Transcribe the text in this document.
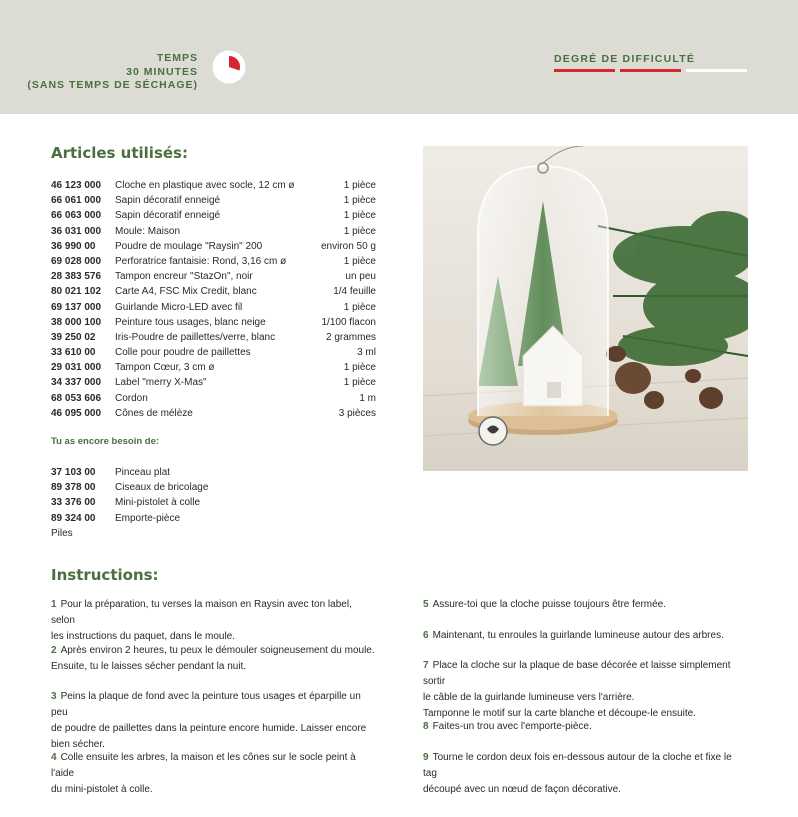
TEMPS
30 MINUTES
(SANS TEMPS DE SÉCHAGE)
DEGRÉ DE DIFFICULTÉ
Articles utilisés:
46 123 000 Cloche en plastique avec socle, 12 cm ø	1 pièce
66 061 000 Sapin décoratif enneigé	1 pièce
66 063 000 Sapin décoratif enneigé	1 pièce
36 031 000 Moule: Maison	1 pièce
36 990 00 Poudre de moulage "Raysin" 200	environ 50 g
69 028 000 Perforatrice fantaisie: Rond, 3,16 cm ø	1 pièce
28 383 576 Tampon encreur "StazOn", noir	un peu
80 021 102 Carte A4, FSC Mix Credit, blanc	1/4 feuille
69 137 000 Guirlande Micro-LED avec fil	1 pièce
38 000 100 Peinture tous usages, blanc neige	1/100 flacon
39 250 02 Iris-Poudre de paillettes/verre, blanc	2 grammes
33 610 00 Colle pour poudre de paillettes	3 ml
29 031 000 Tampon Cœur, 3 cm ø	1 pièce
34 337 000 Label "merry X-Mas"	1 pièce
68 053 606 Cordon	1 m
46 095 000 Cônes de mélèze	3 pièces
Tu as encore besoin de:
37 103 00 Pinceau plat
89 378 00 Ciseaux de bricolage
33 376 00 Mini-pistolet à colle
89 324 00 Emporte-pièce
Piles
Instructions:
1 Pour la préparation, tu verses la maison en Raysin avec ton label, selon
les instructions du paquet, dans le moule.
2 Après environ 2 heures, tu peux le démouler soigneusement du moule.
Ensuite, tu le laisses sécher pendant la nuit.
3 Peins la plaque de fond avec la peinture tous usages et éparpille un peu
de poudre de paillettes dans la peinture encore humide. Laisser encore
bien sécher.
4 Colle ensuite les arbres, la maison et les cônes sur le socle peint à l'aide
du mini-pistolet à colle.
5 Assure-toi que la cloche puisse toujours être fermée.
6 Maintenant, tu enroules la guirlande lumineuse autour des arbres.
7 Place la cloche sur la plaque de base décorée et laisse simplement sortir
le câble de la guirlande lumineuse vers l'arrière.
Tamponne le motif sur la carte blanche et découpe-le ensuite.
8 Faites-un trou avec l'emporte-pièce.
9 Tourne le cordon deux fois en-dessous autour de la cloche et fixe le tag
découpé avec un nœud de façon décorative.
